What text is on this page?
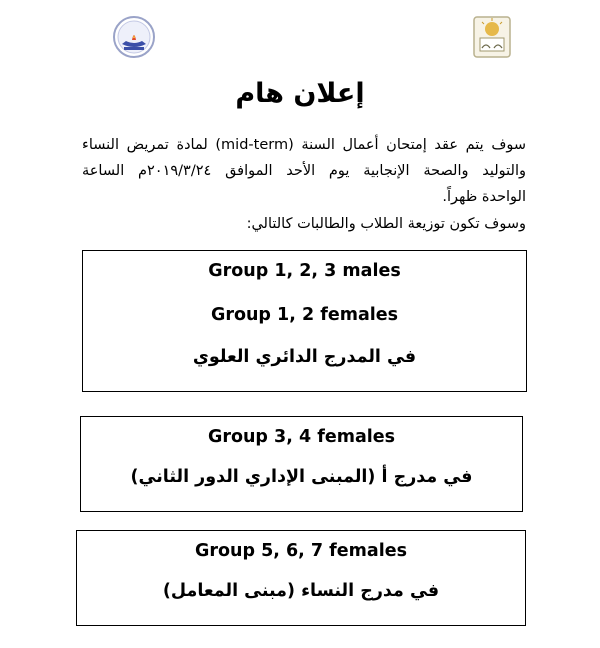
إعلان هام
سوف يتم عقد إمتحان أعمال السنة (mid-term) لمادة تمريض النساء
والتوليد والصحة الإنجابية يوم الأحد الموافق ٢٠١٩/٣/٢٤م الساعة
الواحدة ظهراً.
وسوف تكون توزيعة الطلاب والطالبات كالتالي:
Group 1, 2, 3 males
Group 1, 2 females
في المدرج الدائري العلوي
Group 3, 4 females
في مدرج أ (المبنى الإداري الدور الثاني)
Group 5, 6, 7 females
في مدرج النساء (مبنى المعامل)
